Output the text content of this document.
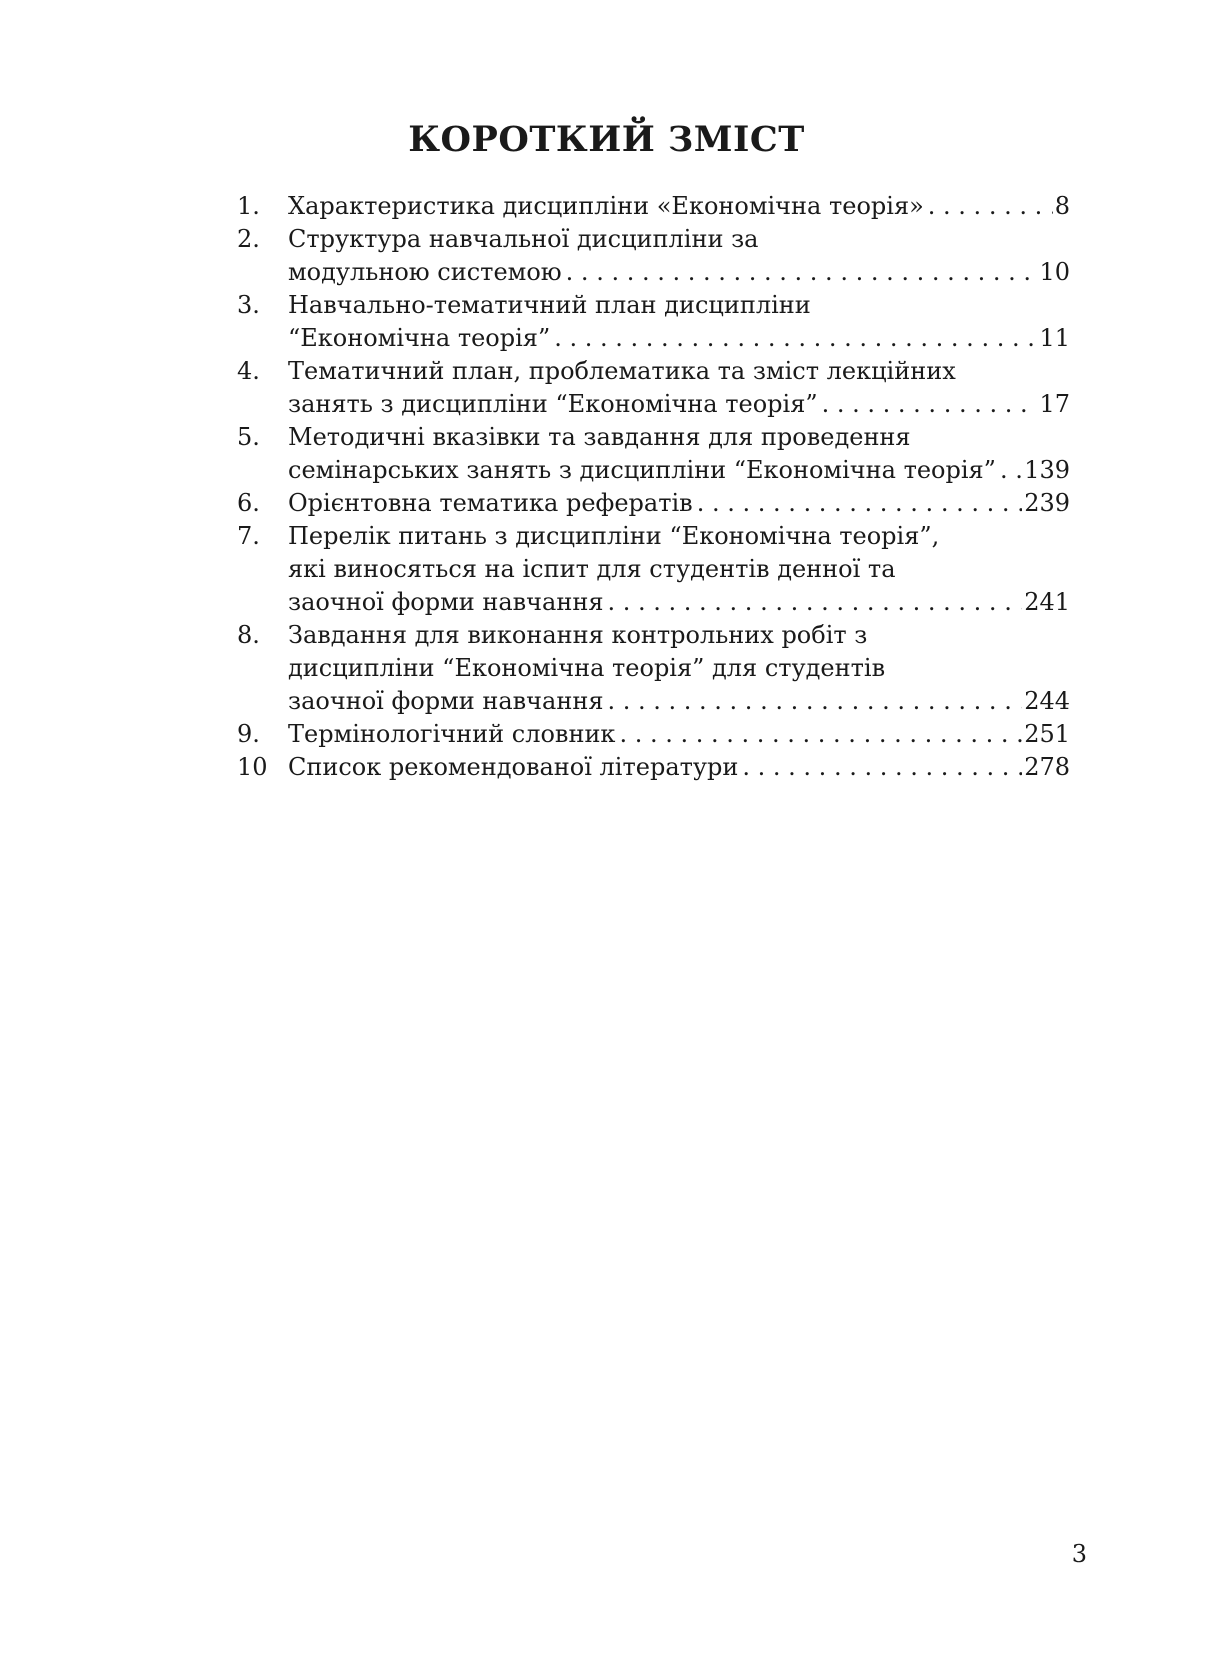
КОРОТКИЙ ЗМІСТ
1.	Характеристика дисципліни «Економічна теорія» . . .	8
2.	Структура навчальної дисципліни за
модульною системою . . .	10
3.	Навчально-тематичний план дисципліни
“Економічна теорія” . . .	11
4.	Тематичний план, проблематика та зміст лекційних
занять з дисципліни “Економічна теорія” . . .	17
5.	Методичні вказівки та завдання для проведення
семінарських занять з дисципліни “Економічна теорія” . . . 139
6.	Орієнтовна тематика рефератів . . .	239
7.	Перелік питань з дисципліни “Економічна теорія”,
які виносяться на іспит для студентів денної та
заочної форми навчання . . .	241
8.	Завдання для виконання контрольних робіт з
дисципліни “Економічна теорія” для студентів
заочної форми навчання . . .	244
9.	Термінологічний словник . . .	251
10 Список рекомендованої літератури . . .	278
3
